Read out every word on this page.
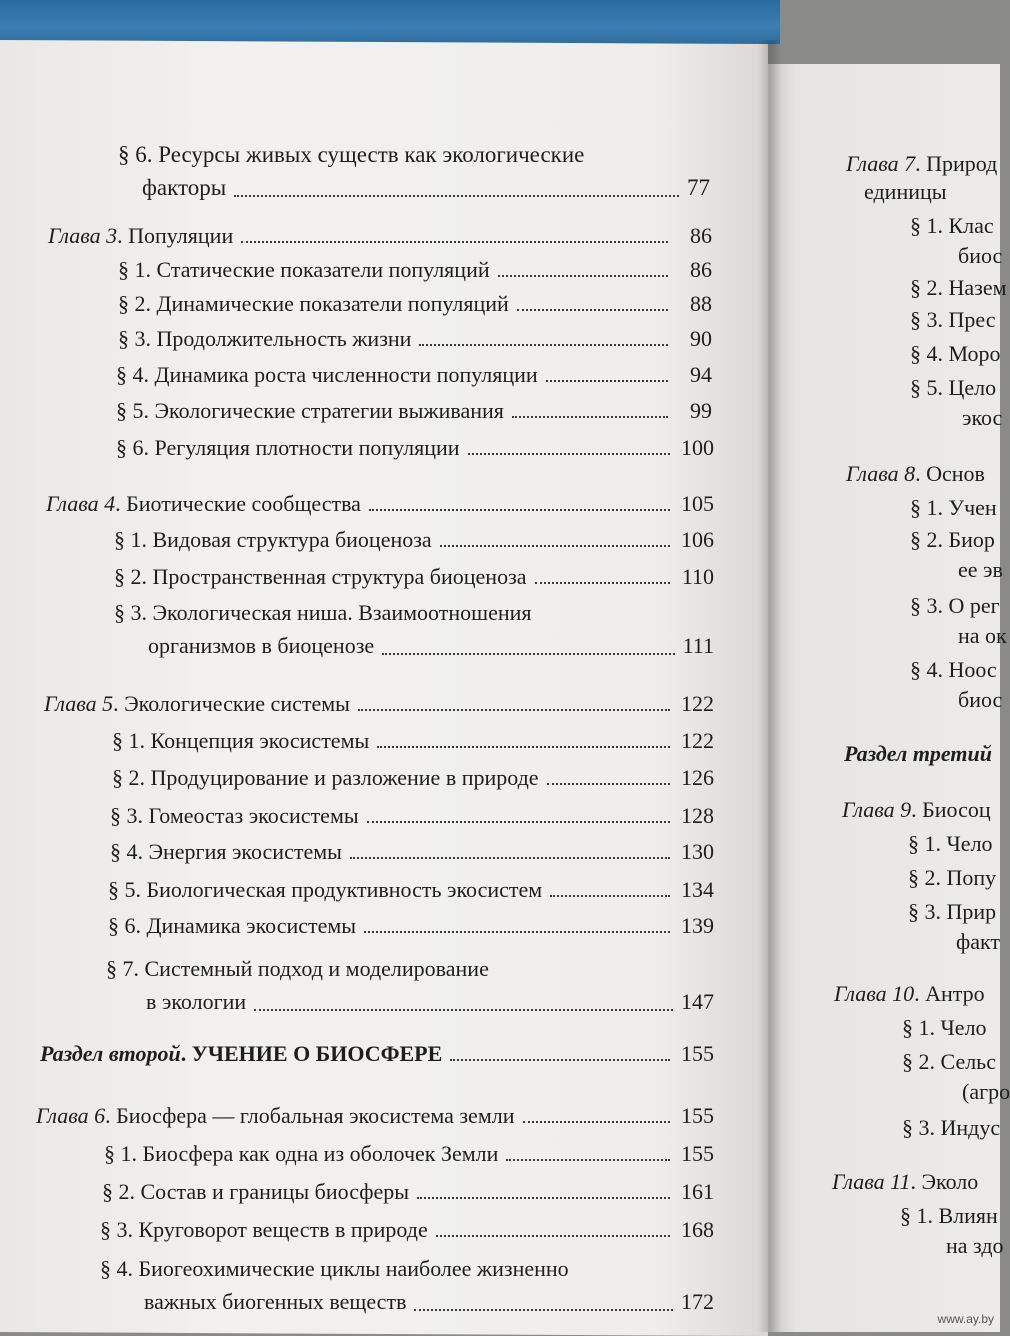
§ 6. Ресурсы живых существ как экологические
факторы	77
Глава 3. Популяции	86
§ 1. Статические показатели популяций	86
§ 2. Динамические показатели популяций	88
§ 3. Продолжительность жизни	90
§ 4. Динамика роста численности популяции	94
§ 5. Экологические стратегии выживания	99
§ 6. Регуляция плотности популяции	100
Глава 4. Биотические сообщества	105
§ 1. Видовая структура биоценоза	106
§ 2. Пространственная структура биоценоза	110
§ 3. Экологическая ниша. Взаимоотношения
организмов в биоценозе	111
Глава 5. Экологические системы	122
§ 1. Концепция экосистемы	122
§ 2. Продуцирование и разложение в природе	126
§ 3. Гомеостаз экосистемы	128
§ 4. Энергия экосистемы	130
§ 5. Биологическая продуктивность экосистем	134
§ 6. Динамика экосистемы	139
§ 7. Системный подход и моделирование
в экологии	147
Раздел второй. УЧЕНИЕ О БИОСФЕРЕ	155
Глава 6. Биосфера — глобальная экосистема земли	155
§ 1. Биосфера как одна из оболочек Земли	155
§ 2. Состав и границы биосферы	161
§ 3. Круговорот веществ в природе	168
§ 4. Биогеохимические циклы наиболее жизненно
важных биогенных веществ	172
Глава 7. Природ
единицы
§ 1. Клас
биос
§ 2. Назем
§ 3. Прес
§ 4. Моро
§ 5. Цело
экос
Глава 8. Основ
§ 1. Учен
§ 2. Биор
ее эв
§ 3. О рег
на ок
§ 4. Ноос
биос
Раздел третий
Глава 9. Биосоц
§ 1. Чело
§ 2. Попу
§ 3. Прир
факт
Глава 10. Антро
§ 1. Чело
§ 2. Сельс
(агро
§ 3. Индус
Глава 11. Эколо
§ 1. Влиян
на здо
www.ay.by
